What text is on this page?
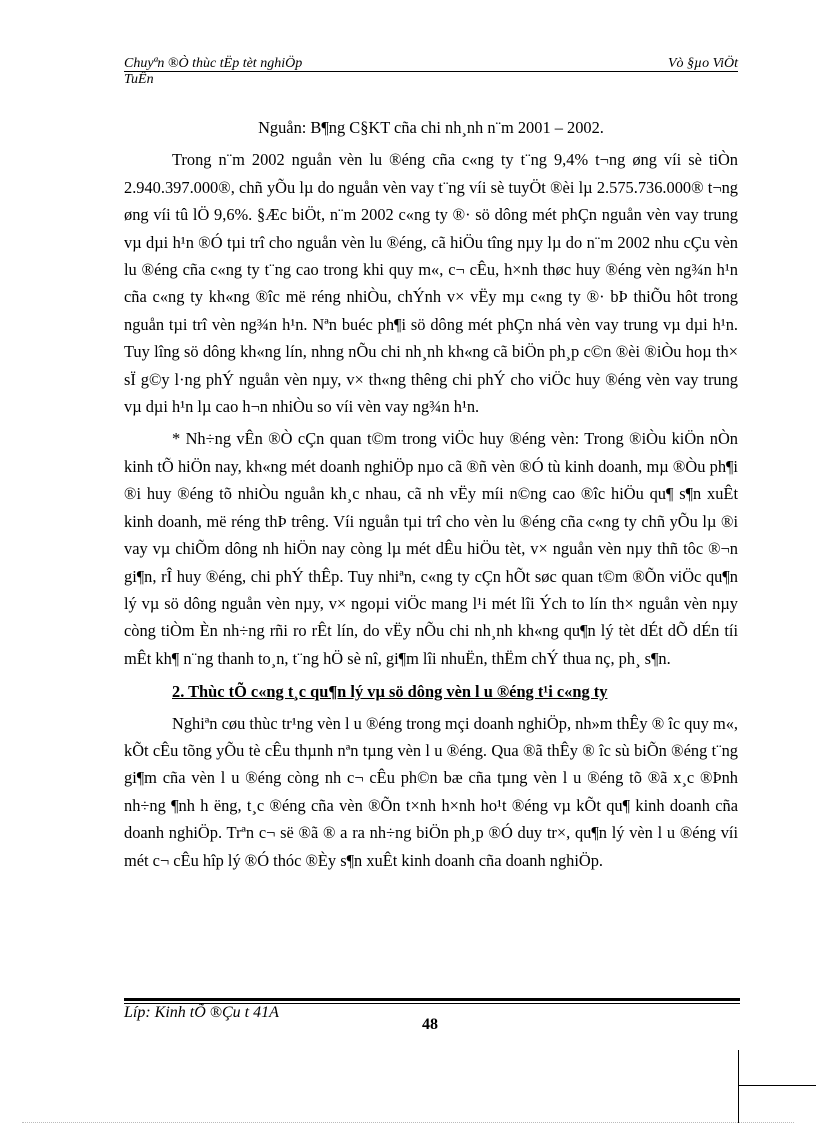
Chuyªn ®Ò thùc tËp tèt nghiÖp	Vò §µo ViÖt
TuÊn

Nguån: B¶ng C§KT cña chi nh¸nh n¨m 2001 – 2002.

Trong n¨m 2002 nguån vèn lu ®éng cña c«ng ty t¨ng 9,4% t¬ng øng víi sè tiÒn 2.940.397.000®, chñ yÕu lµ do nguån vèn vay t¨ng víi sè tuyÖt ®èi lµ 2.575.736.000® t¬ng øng víi tû lÖ 9,6%. §Æc biÖt, n¨m 2002 c«ng ty ®· sö dông mét phÇn nguån vèn vay trung vµ dµi h¹n ®Ó tµi trî cho nguån vèn lu ®éng, cã hiÖu tîng nµy lµ do n¨m 2002 nhu cÇu vèn lu ®éng cña c«ng ty t¨ng cao trong khi quy m«, c¬ cÊu, h×nh thøc huy ®éng vèn ng¾n h¹n cña c«ng ty kh«ng ®îc më réng nhiÒu, chÝnh v× vËy mµ c«ng ty ®· bÞ thiÕu hôt trong nguån tµi trî vèn ng¾n h¹n. Nªn buéc ph¶i sö dông mét phÇn nhá vèn vay trung vµ dµi h¹n. Tuy lîng sö dông kh«ng lín, nhng nÕu chi nh¸nh kh«ng cã biÖn ph¸p c©n ®èi ®iÒu hoµ th× sÏ g©y l·ng phÝ nguån vèn nµy, v× th«ng thêng chi phÝ cho viÖc huy ®éng vèn vay trung vµ dµi h¹n lµ cao h¬n nhiÒu so víi vèn vay ng¾n h¹n.

* Nh÷ng vÊn ®Ò cÇn quan t©m trong viÖc huy ®éng vèn: Trong ®iÒu kiÖn nÒn kinh tÕ hiÖn nay, kh«ng mét doanh nghiÖp nµo cã ®ñ vèn ®Ó tù kinh doanh, mµ ®Òu ph¶i ®i huy ®éng tõ nhiÒu nguån kh¸c nhau, cã nh vËy míi n©ng cao ®îc hiÖu qu¶ s¶n xuÊt kinh doanh, më réng thÞ trêng. Víi nguån tµi trî cho vèn lu ®éng cña c«ng ty chñ yÕu lµ ®i vay vµ chiÕm dông nh hiÖn nay còng lµ mét dÊu hiÖu tèt, v× nguån vèn nµy thñ tôc ®¬n gi¶n, rÎ huy ®éng, chi phÝ thÊp. Tuy nhiªn, c«ng ty cÇn hÕt søc quan t©m ®Õn viÖc qu¶n lý vµ sö dông nguån vèn nµy, v× ngoµi viÖc mang l¹i mét lîi Ých to lín th× nguån vèn nµy còng tiÒm Èn nh÷ng rñi ro rÊt lín, do vËy nÕu chi nh¸nh kh«ng qu¶n lý tèt dÉt dÕ dÉn tíi mÊt kh¶ n¨ng thanh to¸n, t¨ng hÖ sè nî, gi¶m lîi nhuËn, thËm chÝ thua nç, ph¸ s¶n.

2. Thùc tÕ c«ng t¸c qu¶n lý vµ sö dông vèn l u ®éng t¹i c«ng ty

Nghiªn cøu thùc tr¹ng vèn l u ®éng trong mçi doanh nghiÖp, nh»m thÊy ® îc quy m«, kÕt cÊu tõng yÕu tè cÊu thµnh nªn tµng vèn l u ®éng. Qua ®ã thÊy ® îc sù biÕn ®éng t¨ng gi¶m cña vèn l u ®éng còng nh c¬ cÊu ph©n bæ cña tµng vèn l u ®éng tõ ®ã x¸c ®Þnh nh÷ng ¶nh h ëng, t¸c ®éng cña vèn ®Õn t×nh h×nh ho¹t ®éng vµ kÕt qu¶ kinh doanh cña doanh nghiÖp. Trªn c¬ së ®ã ® a ra nh÷ng biÖn ph¸p ®Ó duy tr×, qu¶n lý vèn l u ®éng víi mét c¬ cÊu hîp lý ®Ó thóc ®Èy s¶n xuÊt kinh doanh cña doanh nghiÖp.

Líp: Kinh tÕ ®Çu t 41A
48
